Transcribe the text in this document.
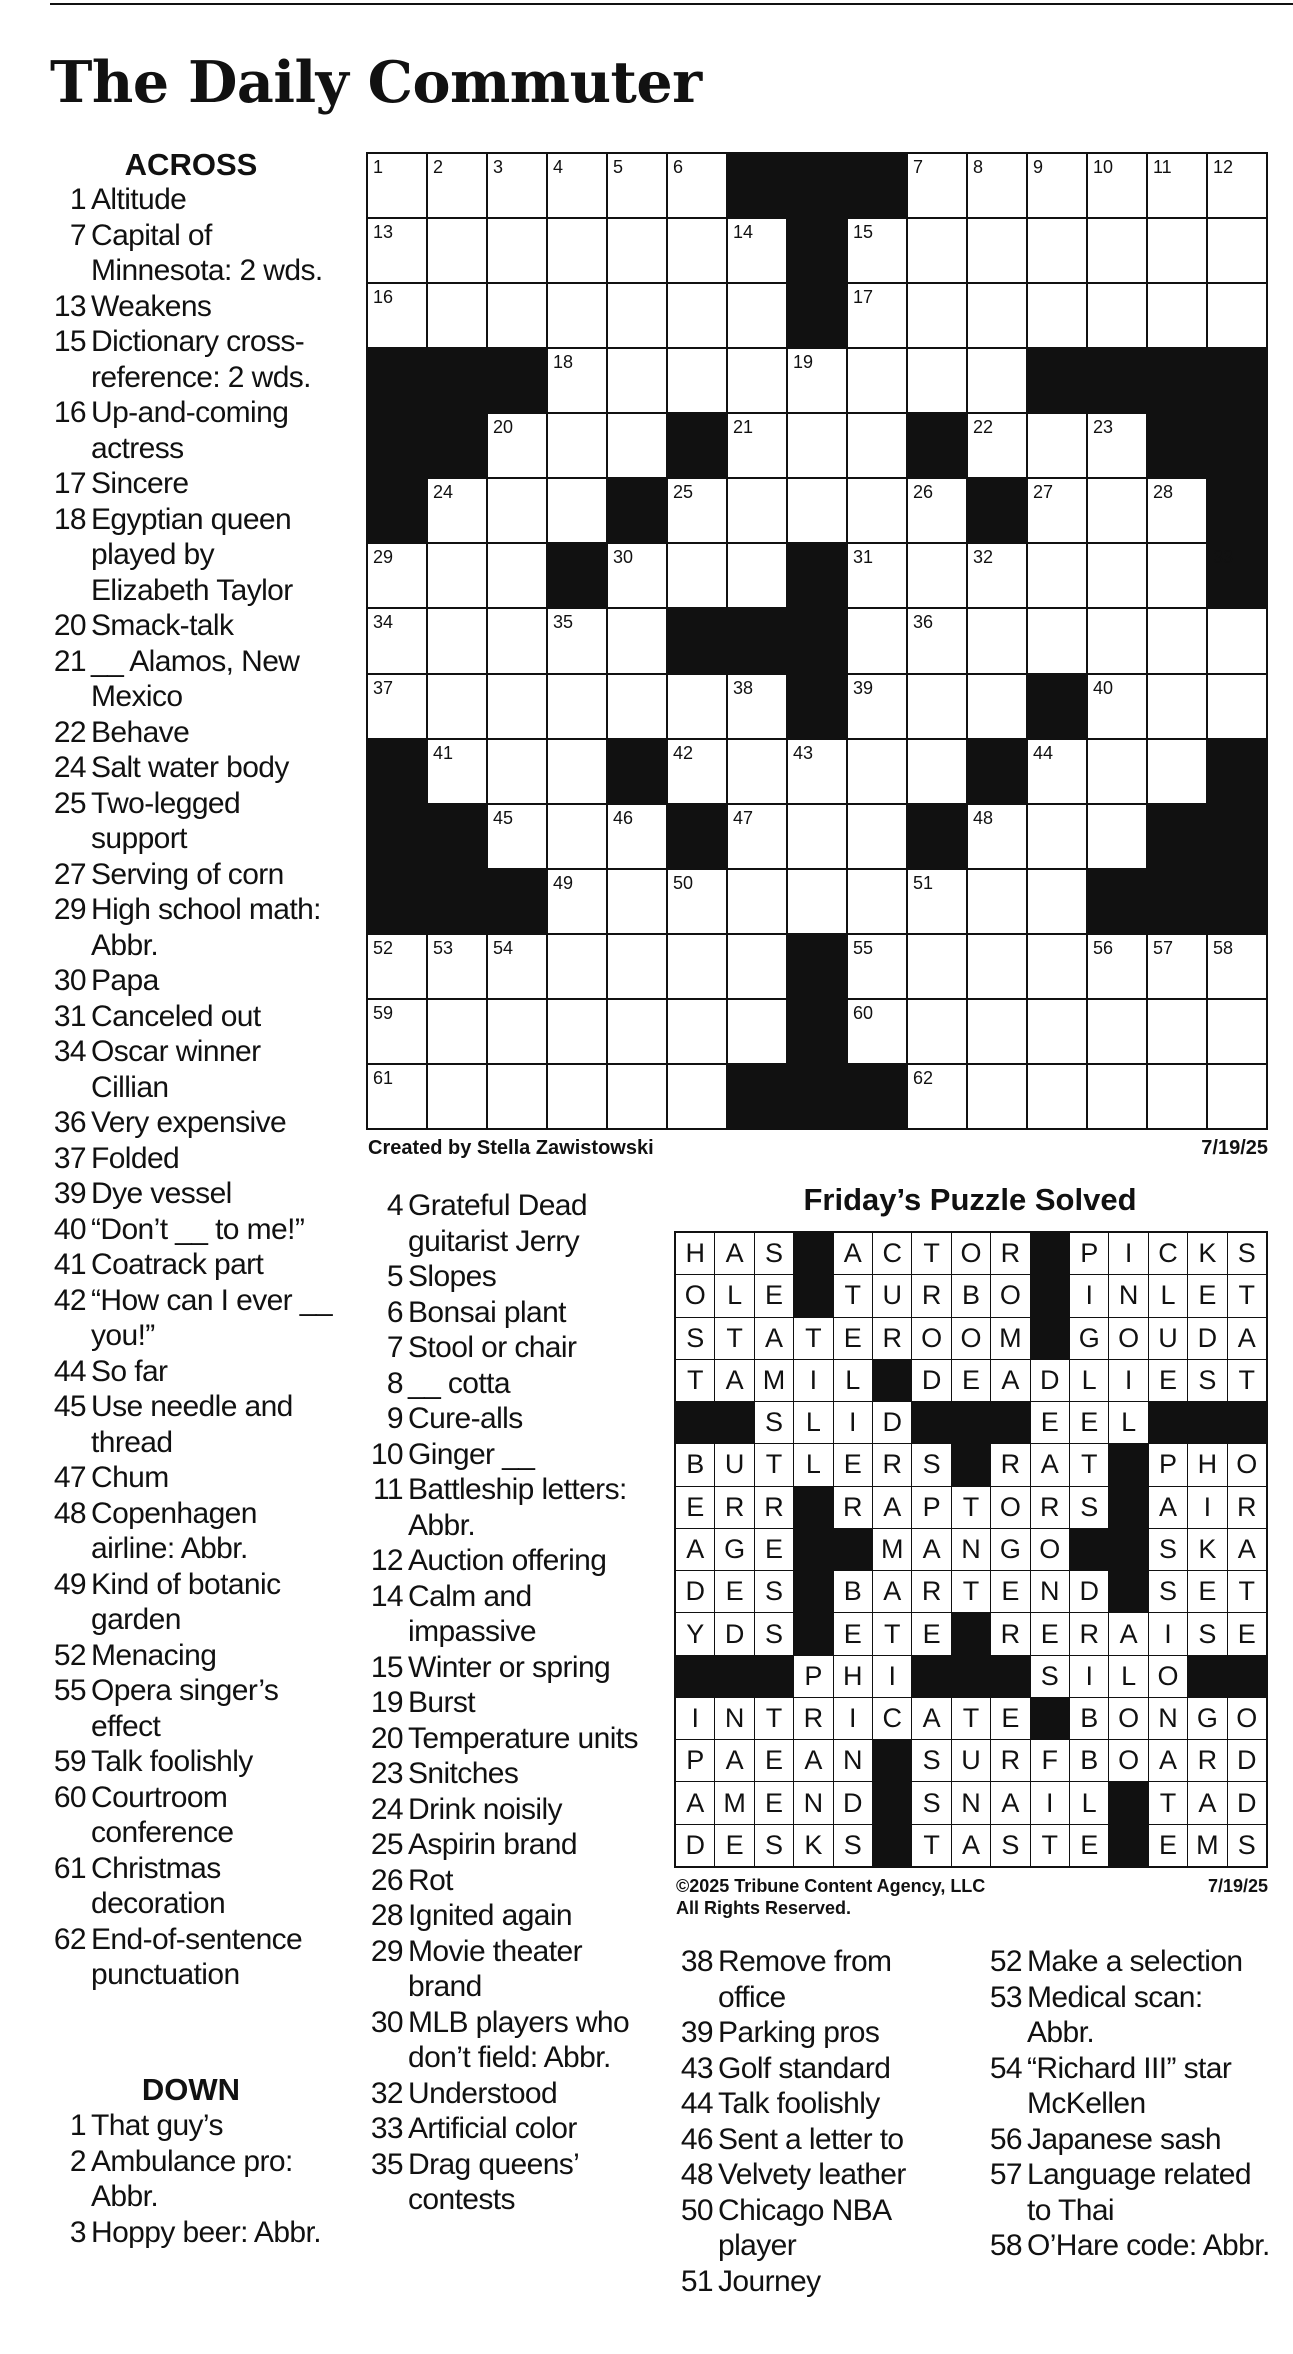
The Daily Commuter
ACROSS
1 Altitude
7 Capital of Minnesota: 2 wds.
13 Weakens
15 Dictionary cross-reference: 2 wds.
16 Up-and-coming actress
17 Sincere
18 Egyptian queen played by Elizabeth Taylor
20 Smack-talk
21 __ Alamos, New Mexico
22 Behave
24 Salt water body
25 Two-legged support
27 Serving of corn
29 High school math: Abbr.
30 Papa
31 Canceled out
34 Oscar winner Cillian
36 Very expensive
37 Folded
39 Dye vessel
40 “Don’t __ to me!”
41 Coatrack part
42 “How can I ever __ you!”
44 So far
45 Use needle and thread
47 Chum
48 Copenhagen airline: Abbr.
49 Kind of botanic garden
52 Menacing
55 Opera singer’s effect
59 Talk foolishly
60 Courtroom conference
61 Christmas decoration
62 End-of-sentence punctuation
DOWN
1 That guy’s
2 Ambulance pro: Abbr.
3 Hoppy beer: Abbr.
4 Grateful Dead guitarist Jerry
5 Slopes
6 Bonsai plant
7 Stool or chair
8 __ cotta
9 Cure-alls
10 Ginger __
11 Battleship letters: Abbr.
12 Auction offering
14 Calm and impassive
15 Winter or spring
19 Burst
20 Temperature units
23 Snitches
24 Drink noisily
25 Aspirin brand
26 Rot
28 Ignited again
29 Movie theater brand
30 MLB players who don’t field: Abbr.
32 Understood
33 Artificial color
35 Drag queens’ contests
38 Remove from office
39 Parking pros
43 Golf standard
44 Talk foolishly
46 Sent a letter to
48 Velvety leather
50 Chicago NBA player
51 Journey
52 Make a selection
53 Medical scan: Abbr.
54 “Richard III” star McKellen
56 Japanese sash
57 Language related to Thai
58 O’Hare code: Abbr.
1	2	3	4	5	6	7	8	9	10 11 12
13	14	15
16	17
18	19
20	21	22	23
24	25	26	27	28
29	30	31	32	33
34	35	36
37	38	39	40
41	42	43	44
45	46	47	48
49	50	51
52 53 54	55	56 57 58
59	60
61	62
Created by Stella Zawistowski	7/19/25
Friday’s Puzzle Solved
H A S	A C T O R	P I C K S
O L E	T U R B O	I N L E T
S T A T E R O O M	G O U D A
T A M I	L	D E A D L	I E S T
S L	I D	E E L
B U T L E R S	R A T	P H O
E R R	R A P T O R S	A I R
A G E	M A N G O	S K A
D E S	B A R T E N D	S E T
Y D S	E T E	R E R A I S E
P H I	S I	L O
I N T R I C A T E	B O N G O
P A E A N	S U R F B O A R D
A M E N D	S N A I	L	T A D
D E S K S	T A S T E	E M S
©2025 Tribune Content Agency, LLC
All Rights Reserved.
7/19/25
